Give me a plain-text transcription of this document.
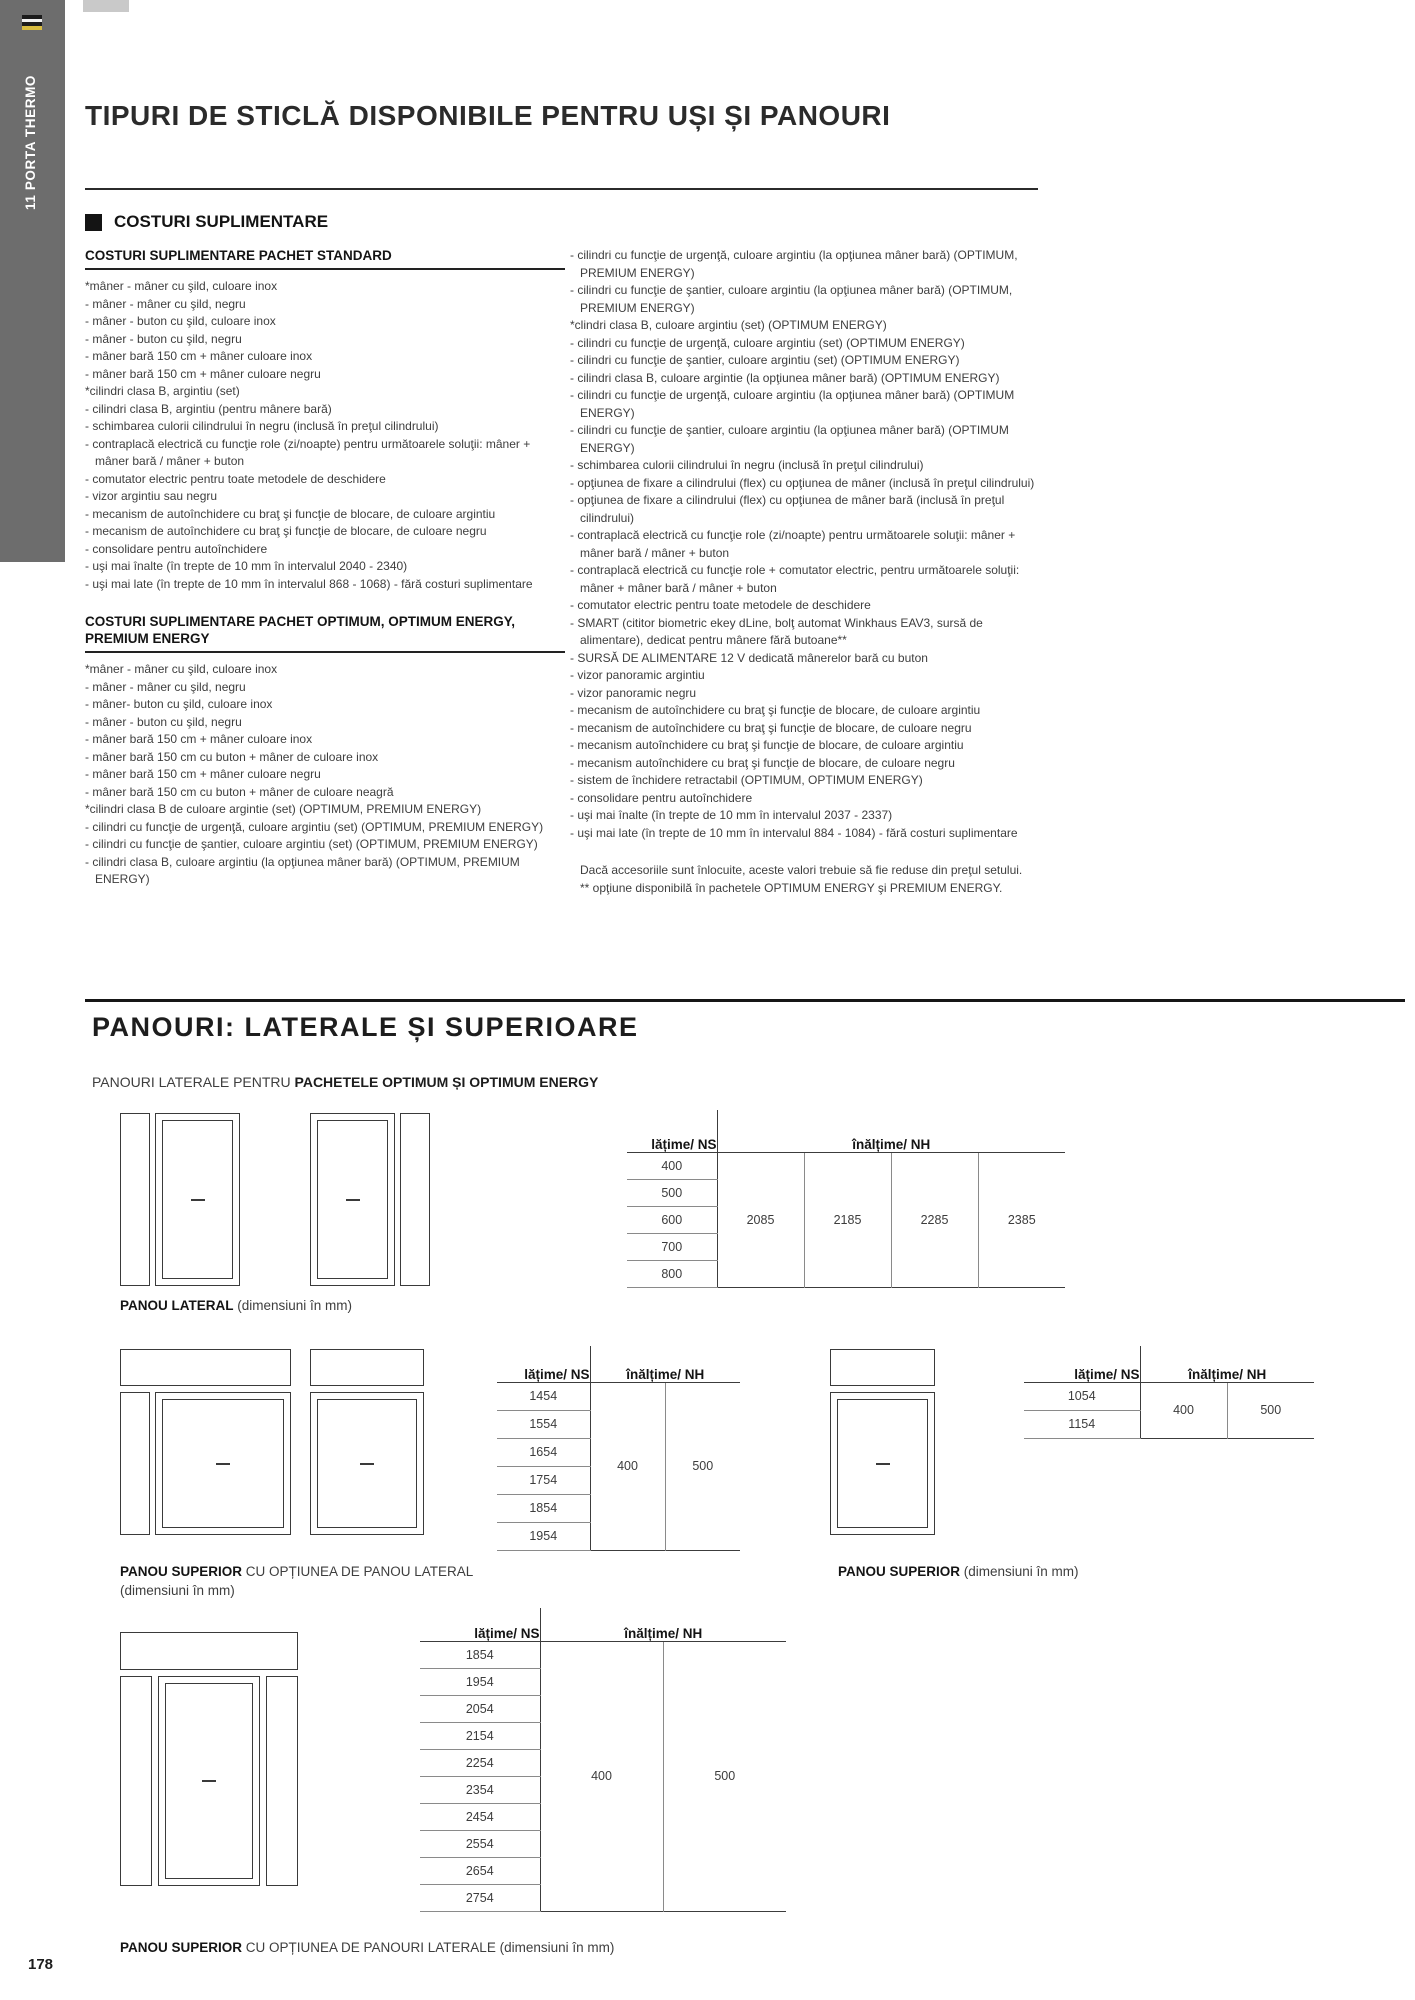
11 PORTA THERMO TIPURI DE STICLĂ DISPONIBILE PENTRU UȘI ȘI PANOURI
COSTURI SUPLIMENTARE
COSTURI SUPLIMENTARE PACHET STANDARD
*mâner - mâner cu şild, culoare inox
- mâner - mâner cu şild, negru
- mâner - buton cu şild, culoare inox
- mâner - buton cu şild, negru
- mâner bară 150 cm + mâner culoare inox
- mâner bară 150 cm + mâner culoare negru
*cilindri clasa B, argintiu (set)
- cilindri clasa B, argintiu (pentru mânere bară)
- schimbarea culorii cilindrului în negru (inclusă în preţul cilindrului)
- contraplacă electrică cu funcţie role (zi/noapte) pentru următoarele soluţii: mâner + mâner bară / mâner + buton
- comutator electric pentru toate metodele de deschidere
- vizor argintiu sau negru
- mecanism de autoînchidere cu braţ şi funcţie de blocare, de culoare argintiu
- mecanism de autoînchidere cu braţ şi funcţie de blocare, de culoare negru
- consolidare pentru autoînchidere
- uşi mai înalte (în trepte de 10 mm în intervalul 2040 - 2340)
- uşi mai late (în trepte de 10 mm în intervalul 868 - 1068) - fără costuri suplimentare
COSTURI SUPLIMENTARE PACHET OPTIMUM, OPTIMUM ENERGY, PREMIUM ENERGY
*mâner - mâner cu şild, culoare inox
- mâner - mâner cu şild, negru
- mâner- buton cu şild, culoare inox
- mâner - buton cu şild, negru
- mâner bară 150 cm + mâner culoare inox
- mâner bară 150 cm cu buton + mâner de culoare inox
- mâner bară 150 cm + mâner culoare negru
- mâner bară 150 cm cu buton + mâner de culoare neagră
*cilindri clasa B de culoare argintie (set) (OPTIMUM, PREMIUM ENERGY)
- cilindri cu funcţie de urgenţă, culoare argintiu (set) (OPTIMUM, PREMIUM ENERGY)
- cilindri cu funcţie de şantier, culoare argintiu (set) (OPTIMUM, PREMIUM ENERGY)
- cilindri clasa B, culoare argintiu (la opţiunea mâner bară) (OPTIMUM, PREMIUM ENERGY)
- cilindri cu funcţie de urgenţă, culoare argintiu (la opţiunea mâner bară) (OPTIMUM, PREMIUM ENERGY)
- cilindri cu funcţie de şantier, culoare argintiu (la opţiunea mâner bară) (OPTIMUM, PREMIUM ENERGY)
*clindri clasa B, culoare argintiu (set) (OPTIMUM ENERGY)
- cilindri cu funcţie de urgenţă, culoare argintiu (set) (OPTIMUM ENERGY)
- cilindri cu funcţie de şantier, culoare argintiu (set) (OPTIMUM ENERGY)
- cilindri clasa B, culoare argintie (la opţiunea mâner bară) (OPTIMUM ENERGY)
- cilindri cu funcţie de urgenţă, culoare argintiu (la opţiunea mâner bară) (OPTIMUM ENERGY)
- cilindri cu funcţie de şantier, culoare argintiu (la opţiunea mâner bară) (OPTIMUM ENERGY)
- schimbarea culorii cilindrului în negru (inclusă în preţul cilindrului)
- opţiunea de fixare a cilindrului (flex) cu opţiunea de mâner (inclusă în preţul cilindrului)
- opţiunea de fixare a cilindrului (flex) cu opţiunea de mâner bară (inclusă în preţul cilindrului)
- contraplacă electrică cu funcţie role (zi/noapte) pentru următoarele soluţii: mâner + mâner bară / mâner + buton
- contraplacă electrică cu funcţie role + comutator electric, pentru următoarele soluţii: mâner + mâner bară / mâner + buton
- comutator electric pentru toate metodele de deschidere
- SMART (cititor biometric ekey dLine, bolţ automat Winkhaus EAV3, sursă de alimentare), dedicat pentru mânere fără butoane**
- SURSĂ DE ALIMENTARE 12 V dedicată mânerelor bară cu buton
- vizor panoramic argintiu
- vizor panoramic negru
- mecanism de autoînchidere cu braţ şi funcţie de blocare, de culoare argintiu
- mecanism de autoînchidere cu braţ şi funcţie de blocare, de culoare negru
- mecanism autoînchidere cu braţ şi funcţie de blocare, de culoare argintiu
- mecanism autoînchidere cu braţ şi funcţie de blocare, de culoare negru
- sistem de închidere retractabil (OPTIMUM, OPTIMUM ENERGY)
- consolidare pentru autoînchidere
- uşi mai înalte (în trepte de 10 mm în intervalul 2037 - 2337)
- uşi mai late (în trepte de 10 mm în intervalul 884 - 1084) - fără costuri suplimentare
Dacă accesoriile sunt înlocuite, aceste valori trebuie să fie reduse din preţul setului.
** opţiune disponibilă în pachetele OPTIMUM ENERGY şi PREMIUM ENERGY.
PANOURI: LATERALE ȘI SUPERIOARE
PANOURI LATERALE PENTRU PACHETELE OPTIMUM ȘI OPTIMUM ENERGY
lățime/ NS	înălțime/ NH			
400	2085	2185	2285	2385
500				
600				
700				
800				
PANOU LATERAL (dimensiuni în mm)
lățime/ NS	înălțime/ NH	
1454	400	500
1554		
1654		
1754		
1854		
1954		
lățime/ NS	înălțime/ NH	
1054	400	500
1154		
PANOU SUPERIOR CU OPȚIUNEA DE PANOU LATERAL
(dimensiuni în mm)
PANOU SUPERIOR (dimensiuni în mm)
lățime/ NS	înălțime/ NH	
1854	400	500
1954		
2054		
2154		
2254		
2354		
2454		
2554		
2654		
2754		
PANOU SUPERIOR CU OPȚIUNEA DE PANOURI LATERALE (dimensiuni în mm)
178
